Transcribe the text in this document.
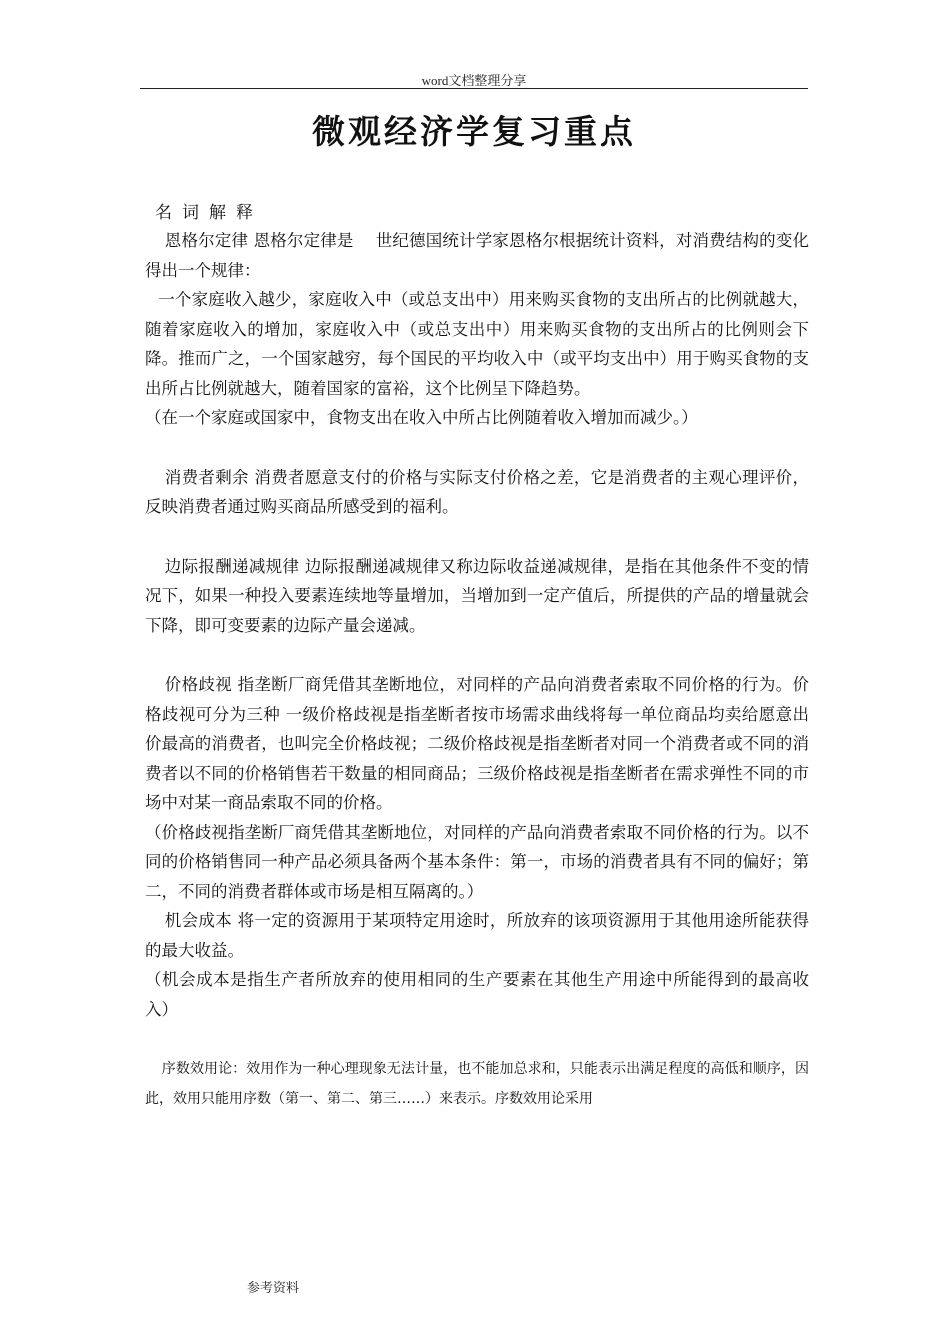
word文档整理分享
微观经济学复习重点
名词解释

恩格尔定律 恩格尔定律是　 世纪德国统计学家恩格尔根据统计资料，对消费结构的变化得出一个规律：

一个家庭收入越少，家庭收入中（或总支出中）用来购买食物的支出所占的比例就越大，随着家庭收入的增加，家庭收入中（或总支出中）用来购买食物的支出所占的比例则会下降。推而广之，一个国家越穷，每个国民的平均收入中（或平均支出中）用于购买食物的支出所占比例就越大，随着国家的富裕，这个比例呈下降趋势。

（在一个家庭或国家中，食物支出在收入中所占比例随着收入增加而减少。）

消费者剩余 消费者愿意支付的价格与实际支付价格之差，它是消费者的主观心理评价，反映消费者通过购买商品所感受到的福利。

边际报酬递减规律 边际报酬递减规律又称边际收益递减规律，是指在其他条件不变的情况下，如果一种投入要素连续地等量增加，当增加到一定产值后，所提供的产品的增量就会下降，即可变要素的边际产量会递减。

价格歧视 指垄断厂商凭借其垄断地位，对同样的产品向消费者索取不同价格的行为。价格歧视可分为三种 一级价格歧视是指垄断者按市场需求曲线将每一单位商品均卖给愿意出价最高的消费者，也叫完全价格歧视；二级价格歧视是指垄断者对同一个消费者或不同的消费者以不同的价格销售若干数量的相同商品；三级价格歧视是指垄断者在需求弹性不同的市场中对某一商品索取不同的价格。

（价格歧视指垄断厂商凭借其垄断地位，对同样的产品向消费者索取不同价格的行为。以不同的价格销售同一种产品必须具备两个基本条件：第一，市场的消费者具有不同的偏好；第二，不同的消费者群体或市场是相互隔离的。）

机会成本 将一定的资源用于某项特定用途时，所放弃的该项资源用于其他用途所能获得的最大收益。

（机会成本是指生产者所放弃的使用相同的生产要素在其他生产用途中所能得到的最高收入）

序数效用论：效用作为一种心理现象无法计量，也不能加总求和，只能表示出满足程度的高低和顺序，因此，效用只能用序数（第一、第二、第三……）来表示。序数效用论采用

参考资料
